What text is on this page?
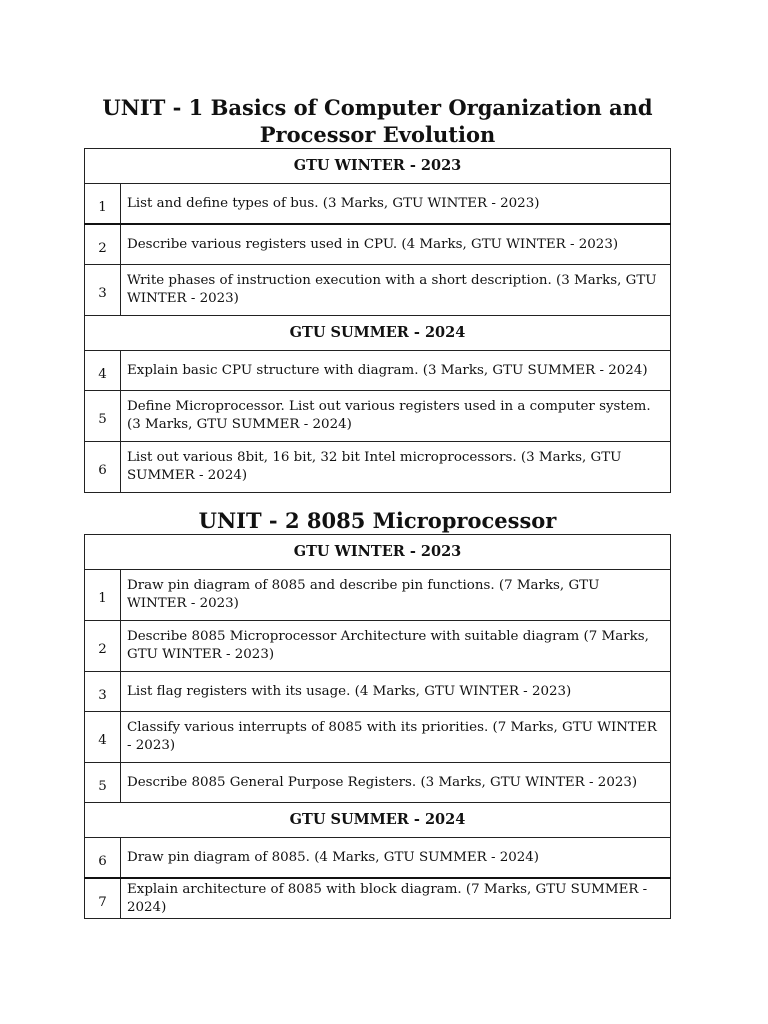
UNIT - 1 Basics of Computer Organization and Processor Evolution
GTU WINTER - 2023	
1	List and define types of bus. (3 Marks, GTU WINTER - 2023)
2	Describe various registers used in CPU. (4 Marks, GTU WINTER - 2023)
3	Write phases of instruction execution with a short description. (3 Marks, GTU WINTER - 2023)
GTU SUMMER - 2024	
4	Explain basic CPU structure with diagram. (3 Marks, GTU SUMMER - 2024)
5	Define Microprocessor. List out various registers used in a computer system. (3 Marks, GTU SUMMER - 2024)
6	List out various 8bit, 16 bit, 32 bit Intel microprocessors. (3 Marks, GTU SUMMER - 2024)
UNIT - 2 8085 Microprocessor
GTU WINTER - 2023	
1	Draw pin diagram of 8085 and describe pin functions. (7 Marks, GTU WINTER - 2023)
2	Describe 8085 Microprocessor Architecture with suitable diagram (7 Marks, GTU WINTER - 2023)
3	List flag registers with its usage. (4 Marks, GTU WINTER - 2023)
4	Classify various interrupts of 8085 with its priorities. (7 Marks, GTU WINTER - 2023)
5	Describe 8085 General Purpose Registers. (3 Marks, GTU WINTER - 2023)
GTU SUMMER - 2024	
6	Draw pin diagram of 8085. (4 Marks, GTU SUMMER - 2024)
7	Explain architecture of 8085 with block diagram. (7 Marks, GTU SUMMER - 2024)
